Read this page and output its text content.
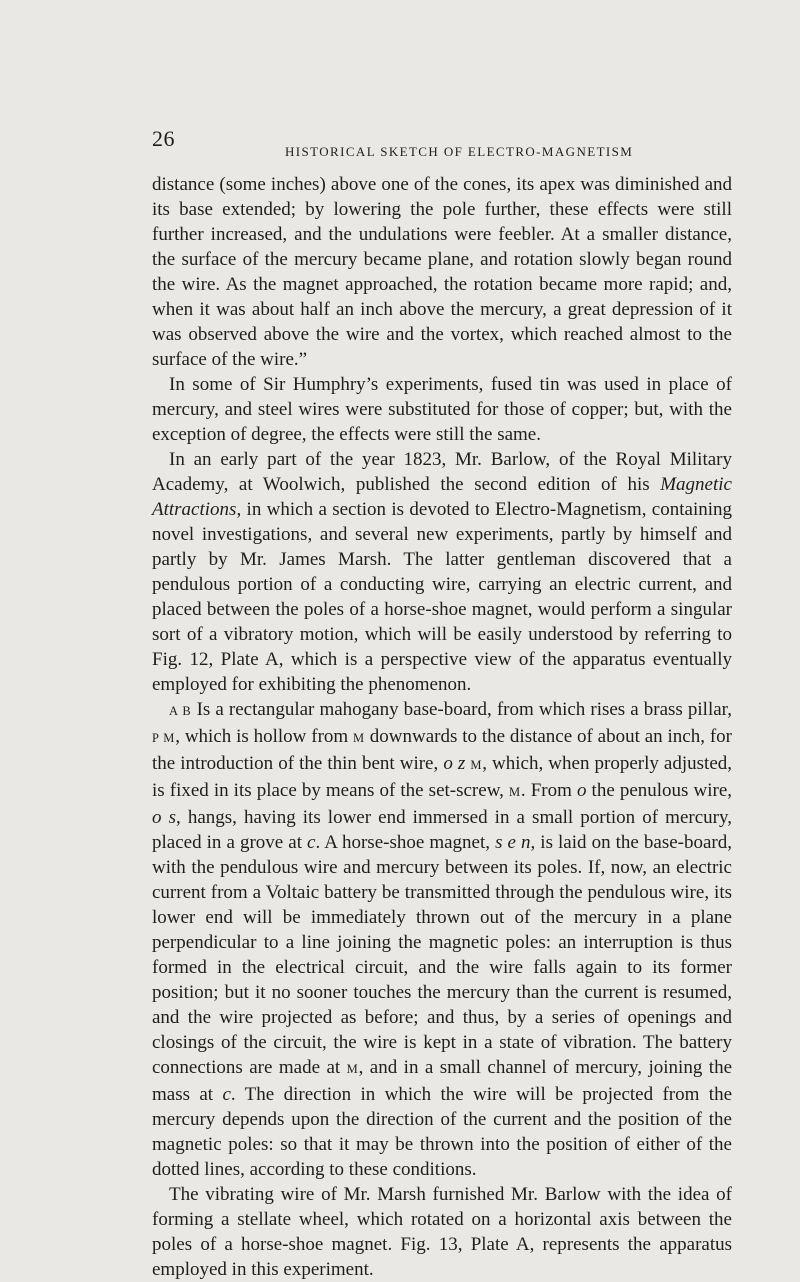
26
HISTORICAL SKETCH OF ELECTRO-MAGNETISM

distance (some inches) above one of the cones, its apex was diminished and its base extended; by lowering the pole further, these effects were still further increased, and the undulations were feebler. At a smaller distance, the surface of the mercury became plane, and rotation slowly began round the wire. As the magnet approached, the rotation became more rapid; and, when it was about half an inch above the mercury, a great depression of it was observed above the wire and the vortex, which reached almost to the surface of the wire.”

In some of Sir Humphry’s experiments, fused tin was used in place of mercury, and steel wires were substituted for those of copper; but, with the exception of degree, the effects were still the same.

In an early part of the year 1823, Mr. Barlow, of the Royal Military Academy, at Woolwich, published the second edition of his Magnetic Attractions, in which a section is devoted to Electro-Magnetism, containing novel investigations, and several new experiments, partly by himself and partly by Mr. James Marsh. The latter gentleman discovered that a pendulous portion of a conducting wire, carrying an electric current, and placed between the poles of a horse-shoe magnet, would perform a singular sort of a vibratory motion, which will be easily understood by referring to Fig. 12, Plate A, which is a perspective view of the apparatus eventually employed for exhibiting the phenomenon.

A B Is a rectangular mahogany base-board, from which rises a brass pillar, P M, which is hollow from M downwards to the distance of about an inch, for the introduction of the thin bent wire, o z M, which, when properly adjusted, is fixed in its place by means of the set-screw, M. From o the penulous wire, o s, hangs, having its lower end immersed in a small portion of mercury, placed in a grove at c. A horse-shoe magnet, s e n, is laid on the base-board, with the pendulous wire and mercury between its poles. If, now, an electric current from a Voltaic battery be transmitted through the pendulous wire, its lower end will be immediately thrown out of the mercury in a plane perpendicular to a line joining the magnetic poles: an interruption is thus formed in the electrical circuit, and the wire falls again to its former position; but it no sooner touches the mercury than the current is resumed, and the wire projected as before; and thus, by a series of openings and closings of the circuit, the wire is kept in a state of vibration. The battery connections are made at M, and in a small channel of mercury, joining the mass at c. The direction in which the wire will be projected from the mercury depends upon the direction of the current and the position of the magnetic poles: so that it may be thrown into the position of either of the dotted lines, according to these conditions.

The vibrating wire of Mr. Marsh furnished Mr. Barlow with the idea of forming a stellate wheel, which rotated on a horizontal axis between the poles of a horse-shoe magnet. Fig. 13, Plate A, represents the apparatus employed in this experiment.
